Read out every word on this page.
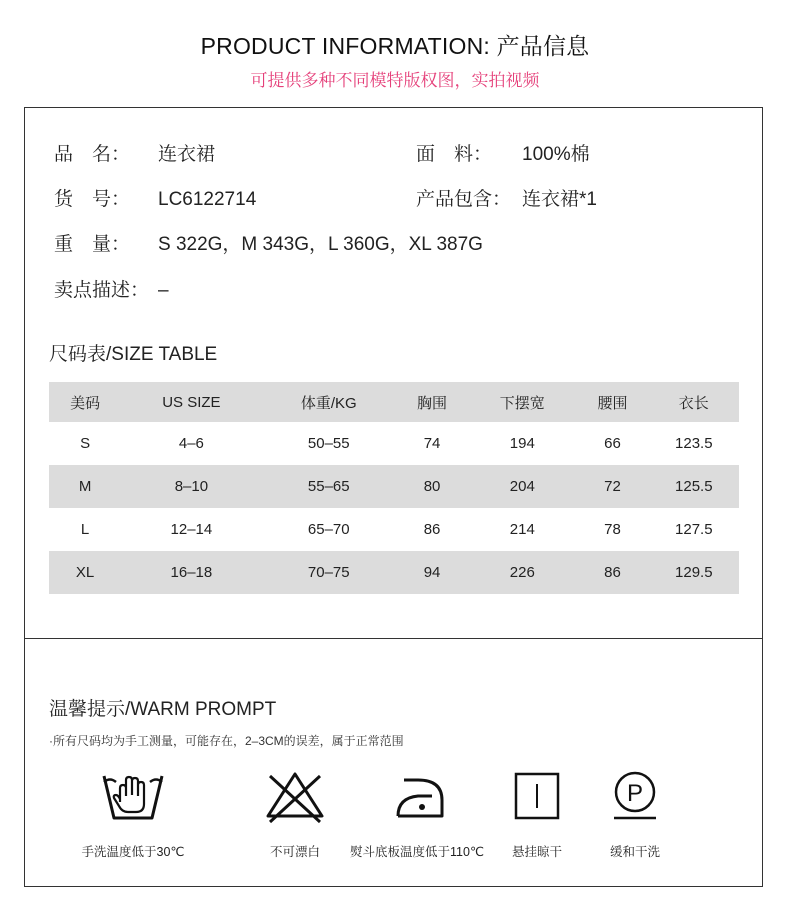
PRODUCT INFORMATION: 产品信息
可提供多种不同模特版权图，实拍视频
品　名： 连衣裙	面　料： 100%棉
货　号： LC6122714	产品包含： 连衣裙*1
重　量： S 322G，M 343G，L 360G，XL 387G
卖点描述： –
尺码表/SIZE TABLE
美码	US SIZE	体重/KG	胸围	下摆宽	腰围	衣长
S	4–6	50–55	74	194	66	123.5
M	8–10	55–65	80	204	72	125.5
L	12–14	65–70	86	214	78	127.5
XL	16–18	70–75	94	226	86	129.5
温馨提示/WARM PROMPT
·所有尺码均为手工测量，可能存在，2–3CM的误差，属于正常范围
手洗温度低于30℃	不可漂白	熨斗底板温度低于110℃	悬挂晾干
P
缓和干洗
